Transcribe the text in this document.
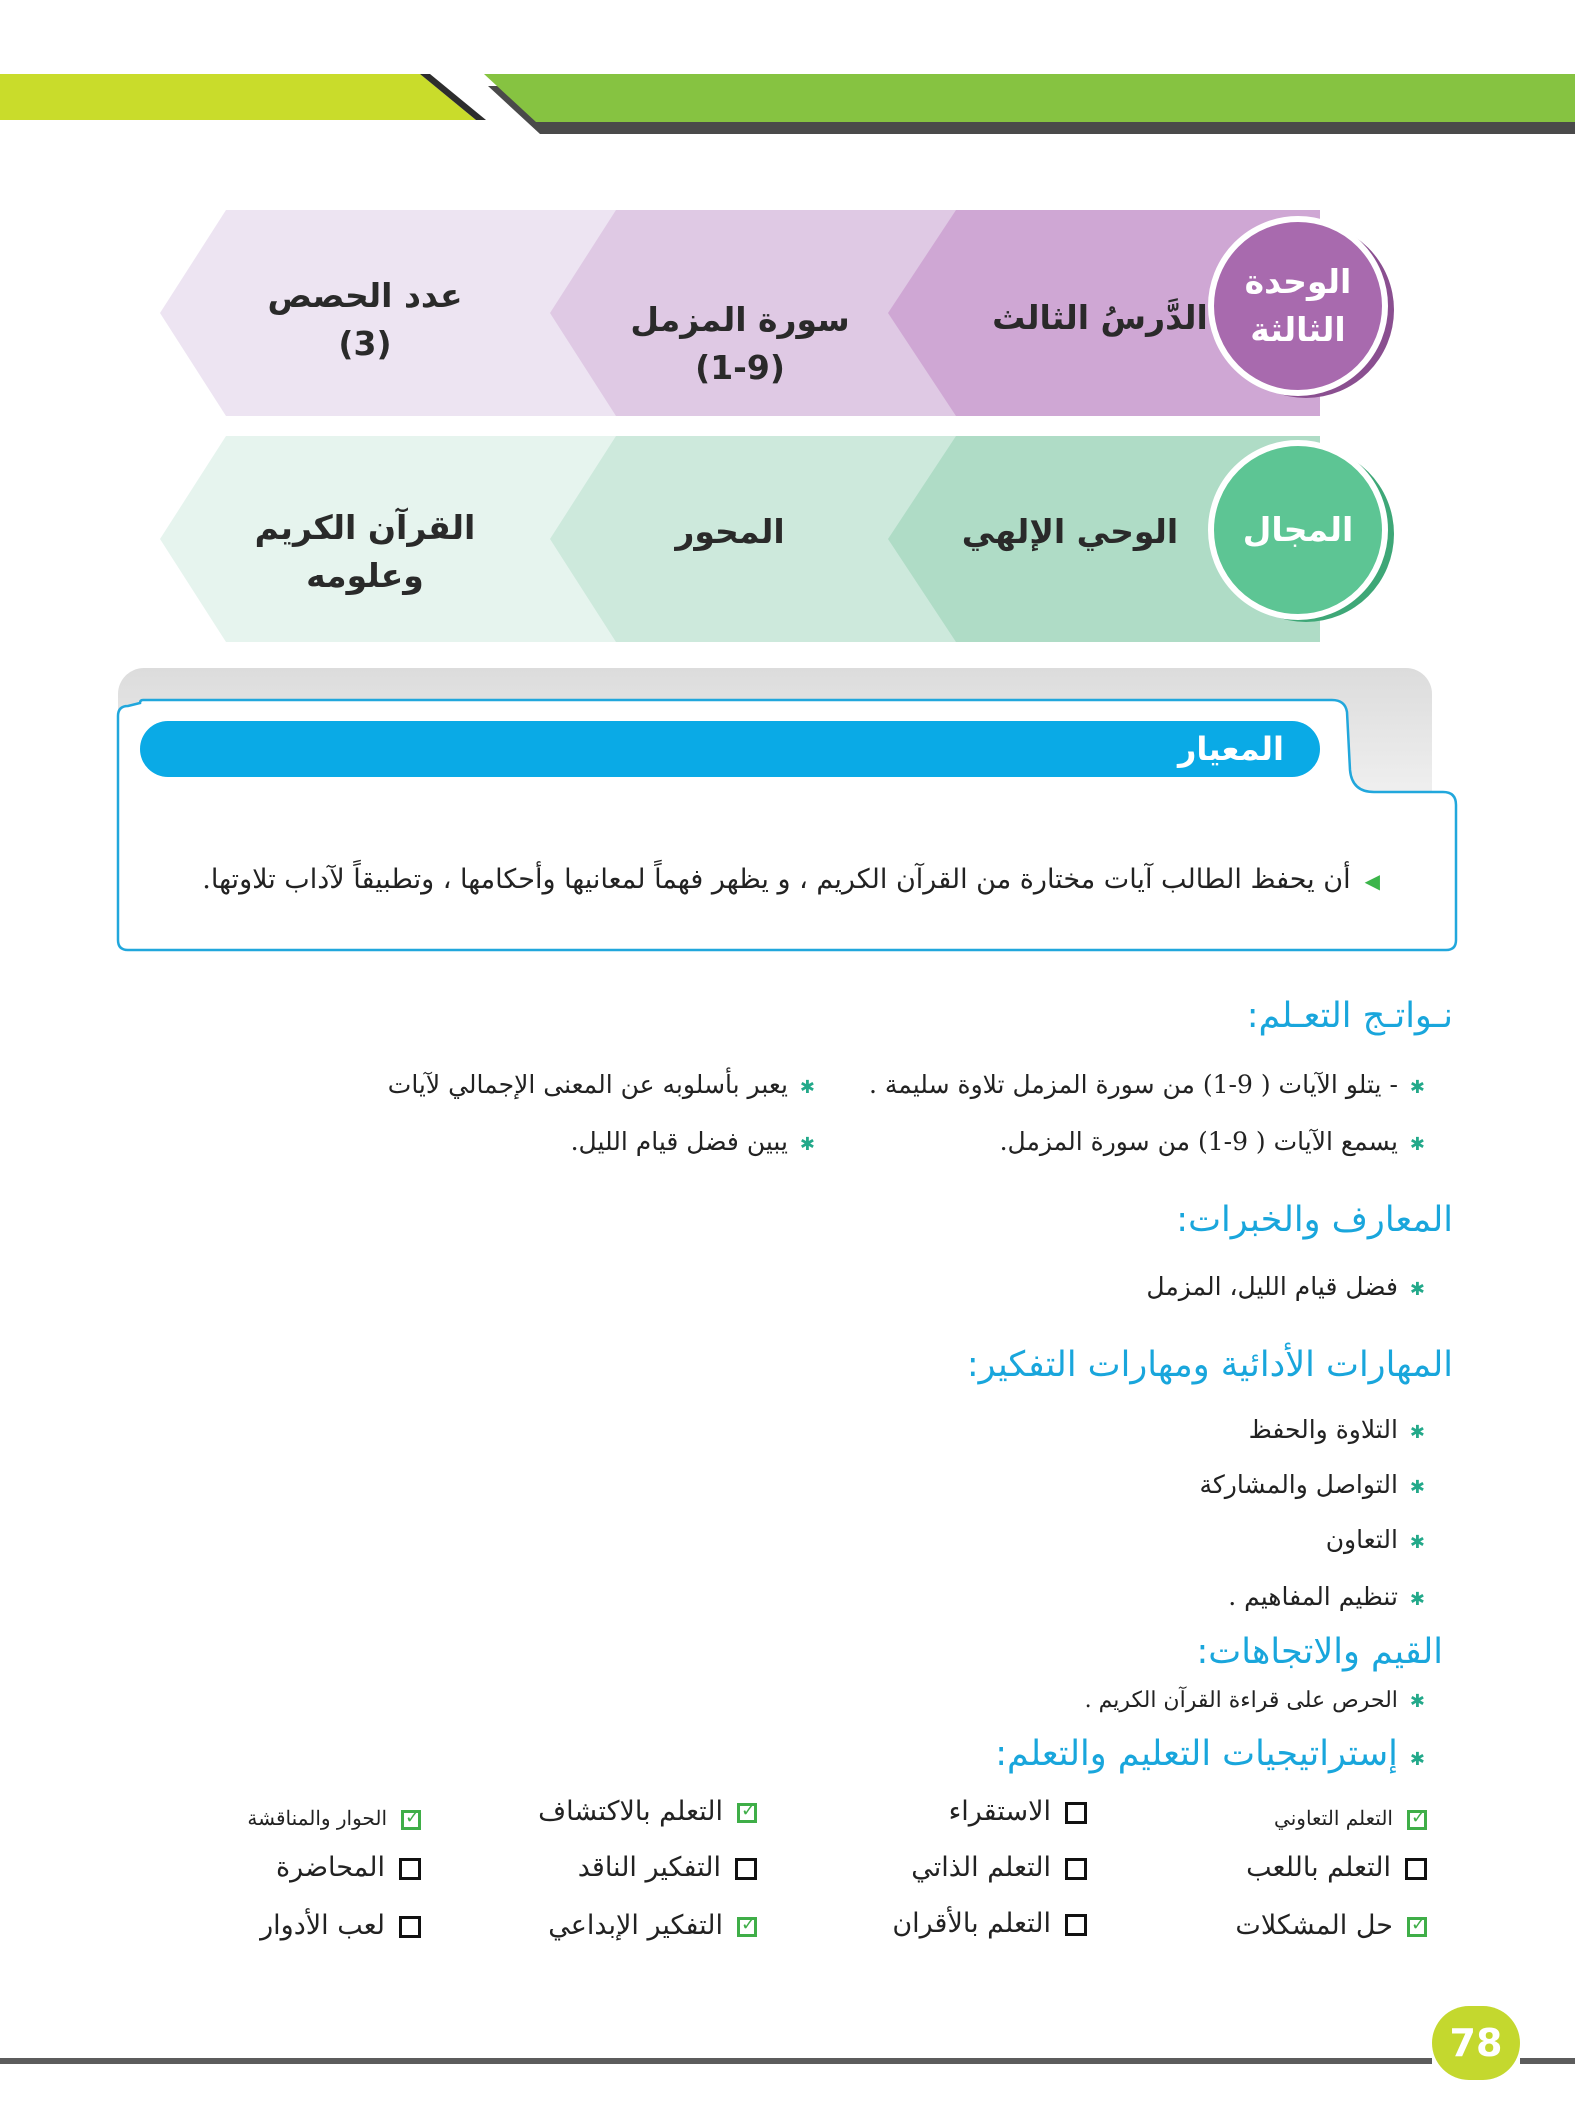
الدَّرسُ الثالث
سورة المزمل
(1-9)
عدد الحصص
(3)
الوحدة الثالثة
الوحي الإلهي
المحور
القرآن الكريم
وعلومه
المجال
المعيار
◀أن يحفظ الطالب آيات مختارة من القرآن الكريم ، و يظهر فهماً لمعانيها وأحكامها ، وتطبيقاً لآداب تلاوتها.
نـواتـج التعـلم:
✱- يتلو الآيات ( 9-1) من سورة المزمل تلاوة سليمة .
✱يعبر بأسلوبه عن المعنى الإجمالي لآيات
✱يسمع الآيات ( 9-1) من سورة المزمل.
✱يبين فضل قيام الليل.
المعارف والخبرات:
✱فضل قيام الليل، المزمل
المهارات الأدائية ومهارات التفكير:
✱التلاوة والحفظ
✱التواصل والمشاركة
✱التعاون
✱تنظيم المفاهيم .
القيم والاتجاهات:
✱الحرص على قراءة القرآن الكريم .
✱إستراتيجيات التعليم والتعلم:
✓التعلم التعاوني
الاستقراء
✓التعلم بالاكتشاف
✓الحوار والمناقشة
التعلم باللعب
التعلم الذاتي
التفكير الناقد
المحاضرة
✓حل المشكلات
التعلم بالأقران
✓التفكير الإبداعي
لعب الأدوار
78
